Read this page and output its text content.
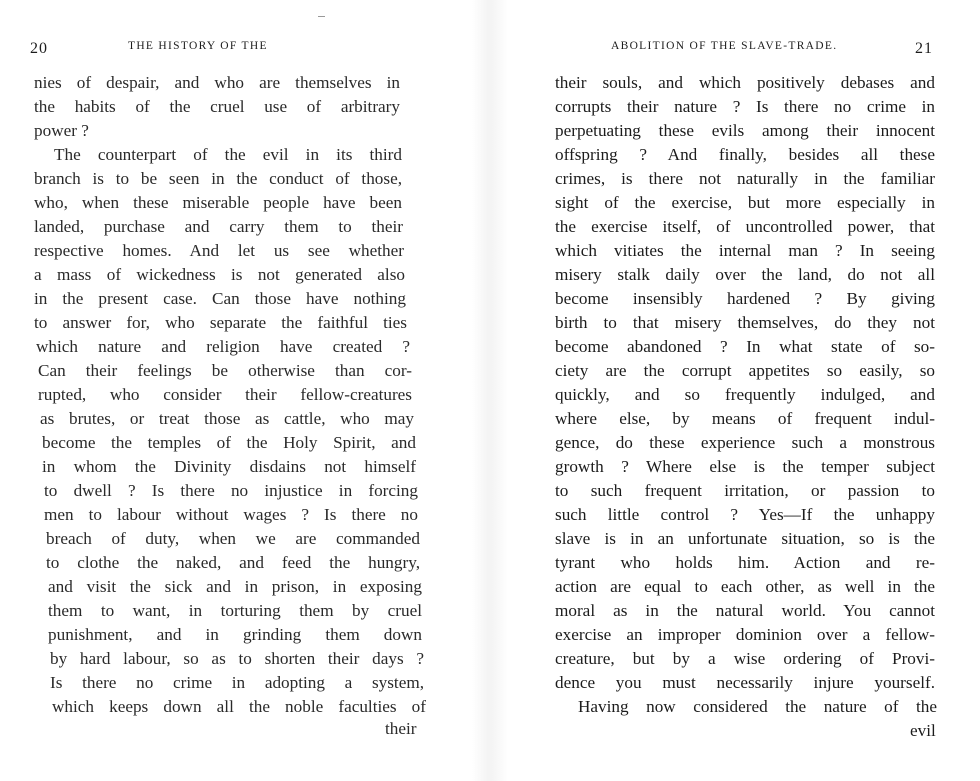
20	THE HISTORY OF THE
nies of despair, and who are themselves in
the habits of the cruel use of arbitrary
power ?
The counterpart of the evil in its third
branch is to be seen in the conduct of those,
who, when these miserable people have been
landed, purchase and carry them to their
respective homes. And let us see whether
a mass of wickedness is not generated also
in the present case. Can those have nothing
to answer for, who separate the faithful ties
which nature and religion have created ?
Can their feelings be otherwise than cor-
rupted, who consider their fellow-creatures
as brutes, or treat those as cattle, who may
become the temples of the Holy Spirit, and
in whom the Divinity disdains not himself
to dwell ? Is there no injustice in forcing
men to labour without wages ? Is there no
breach of duty, when we are commanded
to clothe the naked, and feed the hungry,
and visit the sick and in prison, in exposing
them to want, in torturing them by cruel
punishment, and in grinding them down
by hard labour, so as to shorten their days ?
Is there no crime in adopting a system,
which keeps down all the noble faculties of
their
ABOLITION OF THE SLAVE-TRADE.	21
their souls, and which positively debases and
corrupts their nature ? Is there no crime in
perpetuating these evils among their innocent
offspring ? And finally, besides all these
crimes, is there not naturally in the familiar
sight of the exercise, but more especially in
the exercise itself, of uncontrolled power, that
which vitiates the internal man ? In seeing
misery stalk daily over the land, do not all
become insensibly hardened ? By giving
birth to that misery themselves, do they not
become abandoned ? In what state of so-
ciety are the corrupt appetites so easily, so
quickly, and so frequently indulged, and
where else, by means of frequent indul-
gence, do these experience such a monstrous
growth ? Where else is the temper subject
to such frequent irritation, or passion to
such little control ? Yes—If the unhappy
slave is in an unfortunate situation, so is the
tyrant who holds him. Action and re-
action are equal to each other, as well in the
moral as in the natural world. You cannot
exercise an improper dominion over a fellow-
creature, but by a wise ordering of Provi-
dence you must necessarily injure yourself.
Having now considered the nature of the
evil
